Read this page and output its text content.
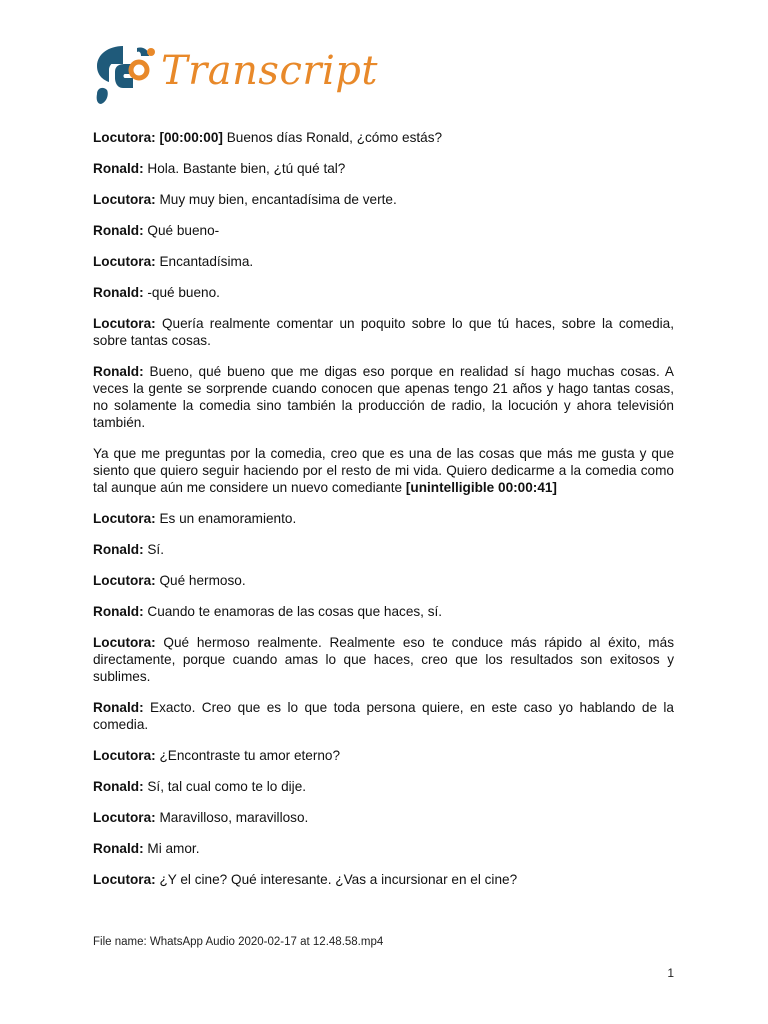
Transcript

Locutora: [00:00:00] Buenos días Ronald, ¿cómo estás?

Ronald: Hola. Bastante bien, ¿tú qué tal?

Locutora: Muy muy bien, encantadísima de verte.

Ronald: Qué bueno-

Locutora: Encantadísima.

Ronald: -qué bueno.

Locutora: Quería realmente comentar un poquito sobre lo que tú haces, sobre la comedia, sobre tantas cosas.

Ronald: Bueno, qué bueno que me digas eso porque en realidad sí hago muchas cosas. A veces la gente se sorprende cuando conocen que apenas tengo 21 años y hago tantas cosas, no solamente la comedia sino también la producción de radio, la locución y ahora televisión también.

Ya que me preguntas por la comedia, creo que es una de las cosas que más me gusta y que siento que quiero seguir haciendo por el resto de mi vida. Quiero dedicarme a la comedia como tal aunque aún me considere un nuevo comediante [unintelligible 00:00:41]

Locutora: Es un enamoramiento.

Ronald: Sí.

Locutora: Qué hermoso.

Ronald: Cuando te enamoras de las cosas que haces, sí.

Locutora: Qué hermoso realmente. Realmente eso te conduce más rápido al éxito, más directamente, porque cuando amas lo que haces, creo que los resultados son exitosos y sublimes.

Ronald: Exacto. Creo que es lo que toda persona quiere, en este caso yo hablando de la comedia.

Locutora: ¿Encontraste tu amor eterno?

Ronald: Sí, tal cual como te lo dije.

Locutora: Maravilloso, maravilloso.

Ronald: Mi amor.

Locutora: ¿Y el cine? Qué interesante. ¿Vas a incursionar en el cine?

File name: WhatsApp Audio 2020-02-17 at 12.48.58.mp4
1
